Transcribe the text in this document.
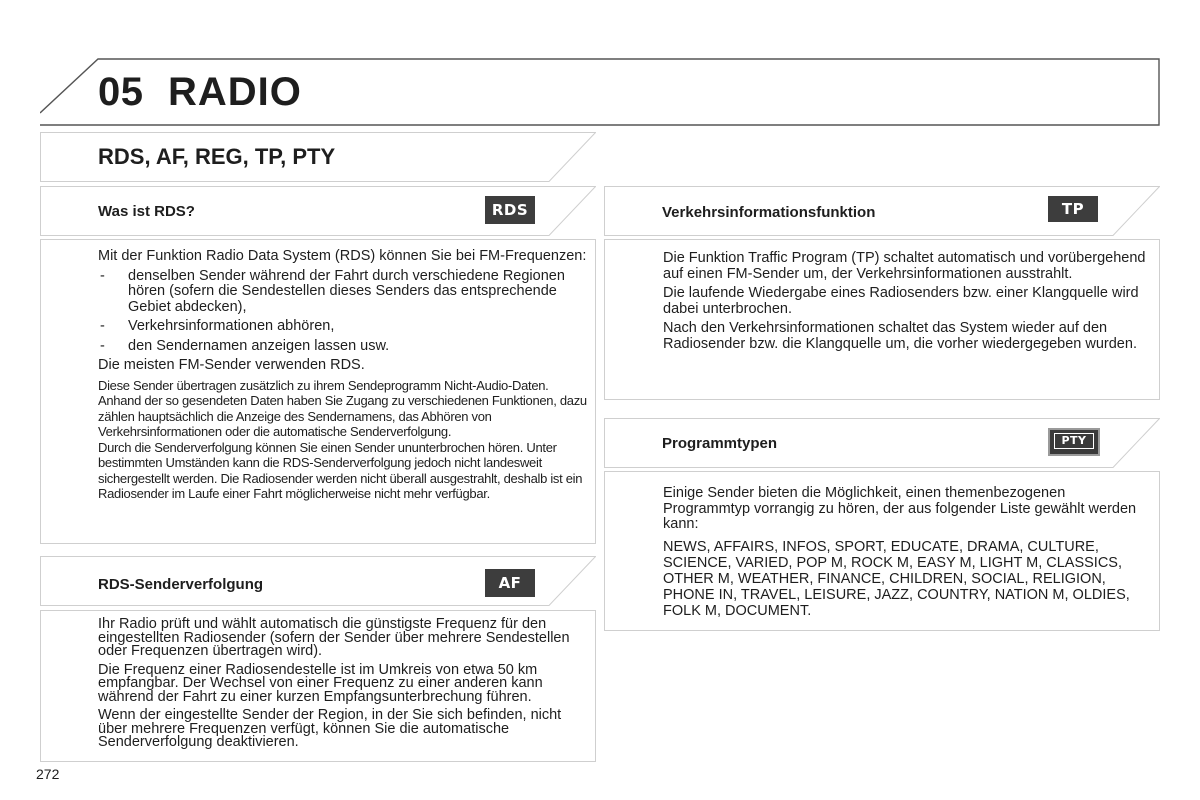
05 RADIO
RDS, AF, REG, TP, PTY
Was ist RDS?	RDS

Mit der Funktion Radio Data System (RDS) können Sie bei FM-Frequenzen:

- denselben Sender während der Fahrt durch verschiedene Regionen hören (sofern die Sendestellen dieses Senders das entsprechende Gebiet abdecken),
- Verkehrsinformationen abhören,
- den Sendernamen anzeigen lassen usw.

Die meisten FM-Sender verwenden RDS.

Diese Sender übertragen zusätzlich zu ihrem Sendeprogramm Nicht-Audio-Daten. Anhand der so gesendeten Daten haben Sie Zugang zu verschiedenen Funktionen, dazu zählen hauptsächlich die Anzeige des Sendernamens, das Abhören von Verkehrsinformationen oder die automatische Senderverfolgung.

Durch die Senderverfolgung können Sie einen Sender ununterbrochen hören. Unter bestimmten Umständen kann die RDS-Senderverfolgung jedoch nicht landesweit sichergestellt werden. Die Radiosender werden nicht überall ausgestrahlt, deshalb ist ein Radiosender im Laufe einer Fahrt möglicherweise nicht mehr verfügbar.

RDS-Senderverfolgung	AF

Ihr Radio prüft und wählt automatisch die günstigste Frequenz für den eingestellten Radiosender (sofern der Sender über mehrere Sendestellen oder Frequenzen übertragen wird).

Die Frequenz einer Radiosendestelle ist im Umkreis von etwa 50 km empfangbar. Der Wechsel von einer Frequenz zu einer anderen kann während der Fahrt zu einer kurzen Empfangsunterbrechung führen.

Wenn der eingestellte Sender der Region, in der Sie sich befinden, nicht über mehrere Frequenzen verfügt, können Sie die automatische Senderverfolgung deaktivieren.

Verkehrsinformationsfunktion	TP

Die Funktion Traffic Program (TP) schaltet automatisch und vorübergehend auf einen FM-Sender um, der Verkehrsinformationen ausstrahlt.

Die laufende Wiedergabe eines Radiosenders bzw. einer Klangquelle wird dabei unterbrochen.

Nach den Verkehrsinformationen schaltet das System wieder auf den Radiosender bzw. die Klangquelle um, die vorher wiedergegeben wurden.

Programmtypen	PTY

Einige Sender bieten die Möglichkeit, einen themenbezogenen Programmtyp vorrangig zu hören, der aus folgender Liste gewählt werden kann:

NEWS, AFFAIRS, INFOS, SPORT, EDUCATE, DRAMA, CULTURE, SCIENCE, VARIED, POP M, ROCK M, EASY M, LIGHT M, CLASSICS, OTHER M, WEATHER, FINANCE, CHILDREN, SOCIAL, RELIGION, PHONE IN, TRAVEL, LEISURE, JAZZ, COUNTRY, NATION M, OLDIES, FOLK M, DOCUMENT.

272
